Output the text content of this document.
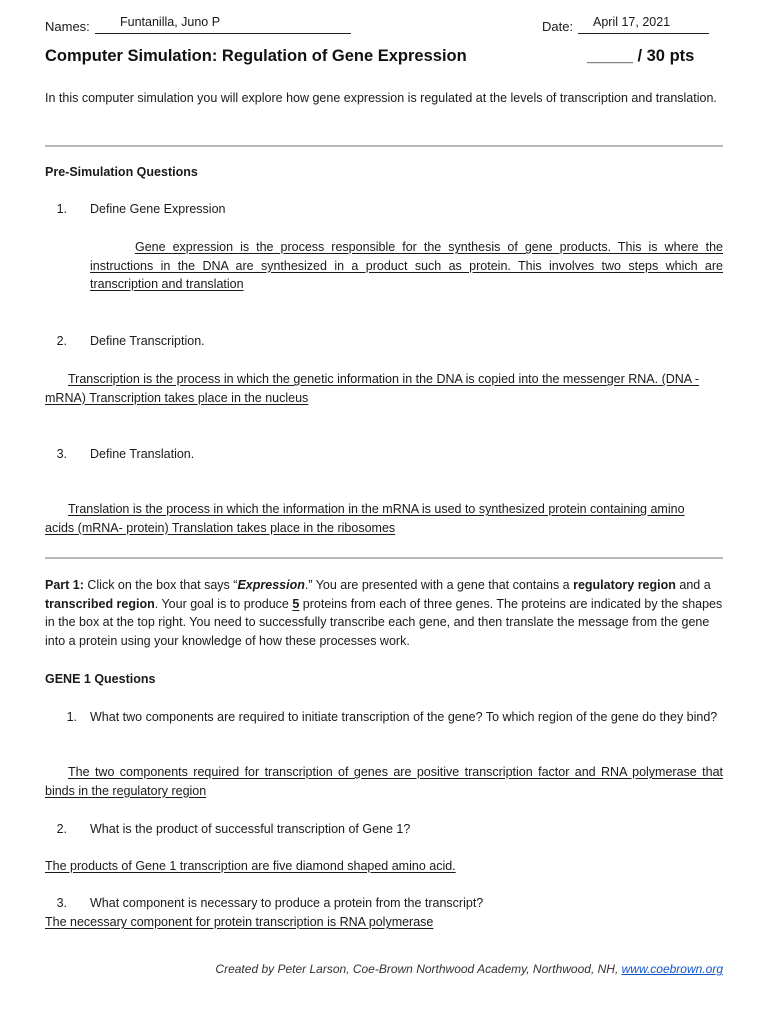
Names: Funtanilla, Juno P	Date: April 17, 2021
Computer Simulation: Regulation of Gene Expression	_____ / 30 pts

In this computer simulation you will explore how gene expression is regulated at the levels of transcription and translation.

Pre-Simulation Questions
1. Define Gene Expression

Gene expression is the process responsible for the synthesis of gene products. This is where the instructions in the DNA are synthesized in a product such as protein. This involves two steps which are transcription and translation

2. Define Transcription.

Transcription is the process in which the genetic information in the DNA is copied into the messenger RNA. (DNA - mRNA) Transcription takes place in the nucleus

3. Define Translation.

Translation is the process in which the information in the mRNA is used to synthesized protein containing amino acids (mRNA- protein) Translation takes place in the ribosomes

Part 1: Click on the box that says “Expression.” You are presented with a gene that contains a regulatory region and a transcribed region. Your goal is to produce 5 proteins from each of three genes. The proteins are indicated by the shapes in the box at the top right. You need to successfully transcribe each gene, and then translate the message from the gene into a protein using your knowledge of how these processes work.

GENE 1 Questions
1. What two components are required to initiate transcription of the gene? To which region of the gene do they bind?

The two components required for transcription of genes are positive transcription factor and RNA polymerase that binds in the regulatory region

2. What is the product of successful transcription of Gene 1?

The products of Gene 1 transcription are five diamond shaped amino acid.

3. What component is necessary to produce a protein from the transcript?

The necessary component for protein transcription is RNA polymerase

Created by Peter Larson, Coe-Brown Northwood Academy, Northwood, NH, www.coebrown.org
